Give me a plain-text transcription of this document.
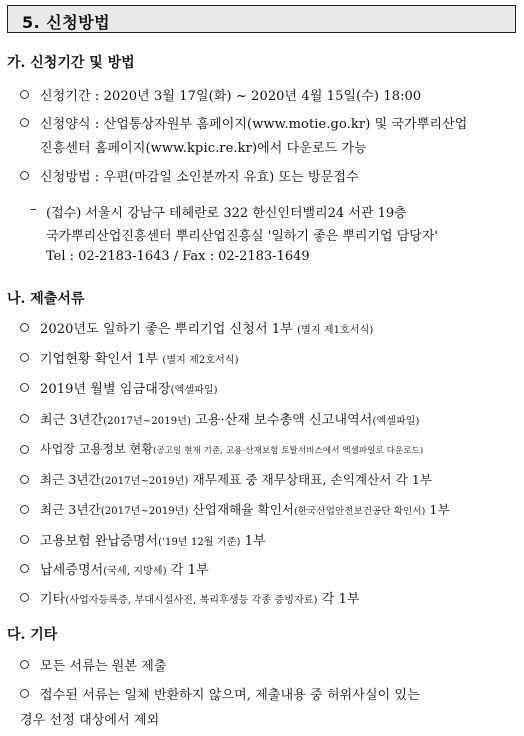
5. 신청방법
가. 신청기간 및 방법
신청기간 : 2020년 3월 17일(화) ~ 2020년 4월 15일(수) 18:00
신청양식 : 산업통상자원부 홈페이지(www.motie.go.kr) 및 국가뿌리산업
진흥센터 홈페이지(www.kpic.re.kr)에서 다운로드 가능
신청방법 : 우편(마감일 소인분까지 유효) 또는 방문접수
– (접수) 서울시 강남구 테헤란로 322 한신인터밸리24 서관 19층
국가뿌리산업진흥센터 뿌리산업진흥실 '일하기 좋은 뿌리기업 담당자'
Tel : 02-2183-1643 / Fax : 02-2183-1649
나. 제출서류
2020년도 일하기 좋은 뿌리기업 신청서 1부 (별지 제1호서식)
기업현황 확인서 1부 (별지 제2호서식)
2019년 월별 임금대장(엑셀파일)
최근 3년간(2017년~2019년) 고용·산재 보수총액 신고내역서(엑셀파일)
사업장 고용정보 현황(공고일 현재 기준, 고용·산재보험 토탈서비스에서 엑셀파일로 다운로드)
최근 3년간(2017년~2019년) 재무제표 중 재무상태표, 손익계산서 각 1부
최근 3년간(2017년~2019년) 산업재해율 확인서(한국산업안전보건공단 확인서) 1부
고용보험 완납증명서('19년 12월 기준) 1부
납세증명서(국세, 지방세) 각 1부
기타(사업자등록증, 부대시설사진, 복리후생등 각종 증빙자료) 각 1부
다. 기타
모든 서류는 원본 제출
접수된 서류는 일체 반환하지 않으며, 제출내용 중 허위사실이 있는
경우 선정 대상에서 제외
